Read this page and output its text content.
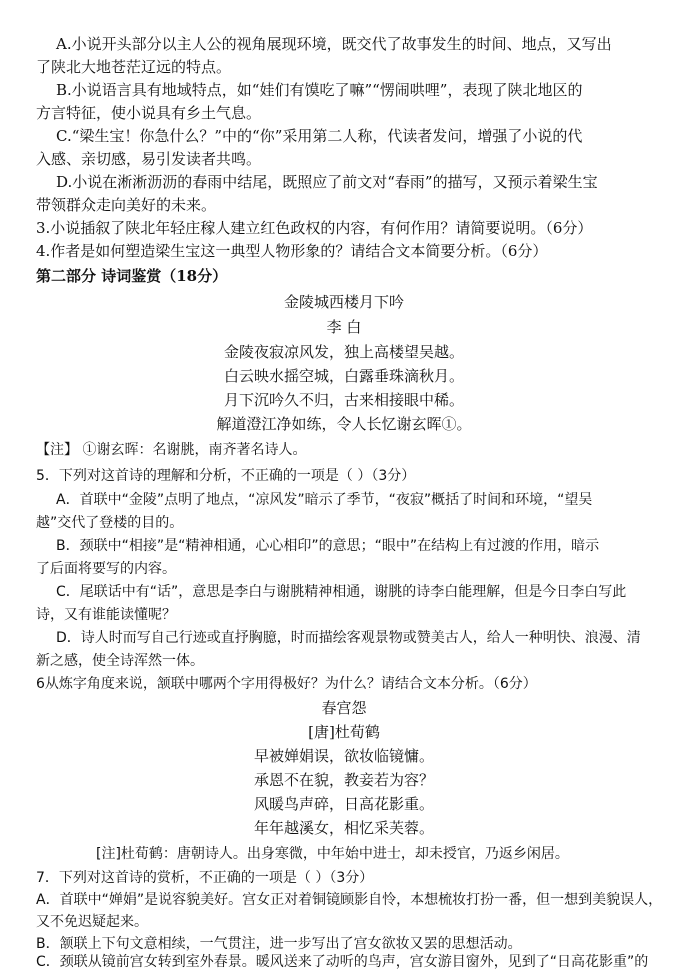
A.小说开头部分以主人公的视角展现环境，既交代了故事发生的时间、地点，又写出
了陕北大地苍茫辽远的特点。
B.小说语言具有地域特点，如“娃们有馍吃了嘛”“愣闹哄哩”，表现了陕北地区的
方言特征，使小说具有乡土气息。
C.“梁生宝！你急什么？”中的“你”采用第二人称，代读者发问，增强了小说的代
入感、亲切感，易引发读者共鸣。
D.小说在淅淅沥沥的春雨中结尾，既照应了前文对“春雨”的描写，又预示着梁生宝
带领群众走向美好的未来。
3.小说插叙了陕北年轻庄稼人建立红色政权的内容，有何作用？请简要说明。（6分）
4.作者是如何塑造梁生宝这一典型人物形象的？请结合文本简要分析。（6分）
第二部分 诗词鉴赏（18分）
金陵城西楼月下吟
李 白
金陵夜寂凉风发，独上高楼望吴越。
白云映水摇空城，白露垂珠滴秋月。
月下沉吟久不归，古来相接眼中稀。
解道澄江净如练，令人长忆谢玄晖①。
【注】 ①谢玄晖：名谢朓，南齐著名诗人。
5．下列对这首诗的理解和分析，不正确的一项是（ ）（3分）
A．首联中“金陵”点明了地点，“凉风发”暗示了季节，“夜寂”概括了时间和环境，“望吴
越”交代了登楼的目的。
B．颈联中“相接”是“精神相通，心心相印”的意思；“眼中”在结构上有过渡的作用，暗示
了后面将要写的内容。
C．尾联话中有“话”，意思是李白与谢朓精神相通，谢朓的诗李白能理解，但是今日李白写此
诗，又有谁能读懂呢？
D．诗人时而写自己行迹或直抒胸臆，时而描绘客观景物或赞美古人，给人一种明快、浪漫、清
新之感，使全诗浑然一体。
6从炼字角度来说，颔联中哪两个字用得极好？为什么？请结合文本分析。（6分）
春宫怨
[唐]杜荀鹤
早被婵娟误，欲妆临镜慵。
承恩不在貌，教妾若为容？
风暖鸟声碎，日高花影重。
年年越溪女，相忆采芙蓉。
[注]杜荀鹤：唐朝诗人。出身寒微，中年始中进士，却未授官，乃返乡闲居。
7．下列对这首诗的赏析，不正确的一项是（ ）（3分）
A．首联中“婵娟”是说容貌美好。宫女正对着铜镜顾影自怜，本想梳妆打扮一番，但一想到美貌误人，
又不免迟疑起来。
B．颔联上下句文意相续，一气贯注，进一步写出了宫女欲妆又罢的思想活动。
C．颈联从镜前宫女转到室外春景。暖风送来了动听的鸟声，宫女游目窗外，见到了“日高花影重”的
